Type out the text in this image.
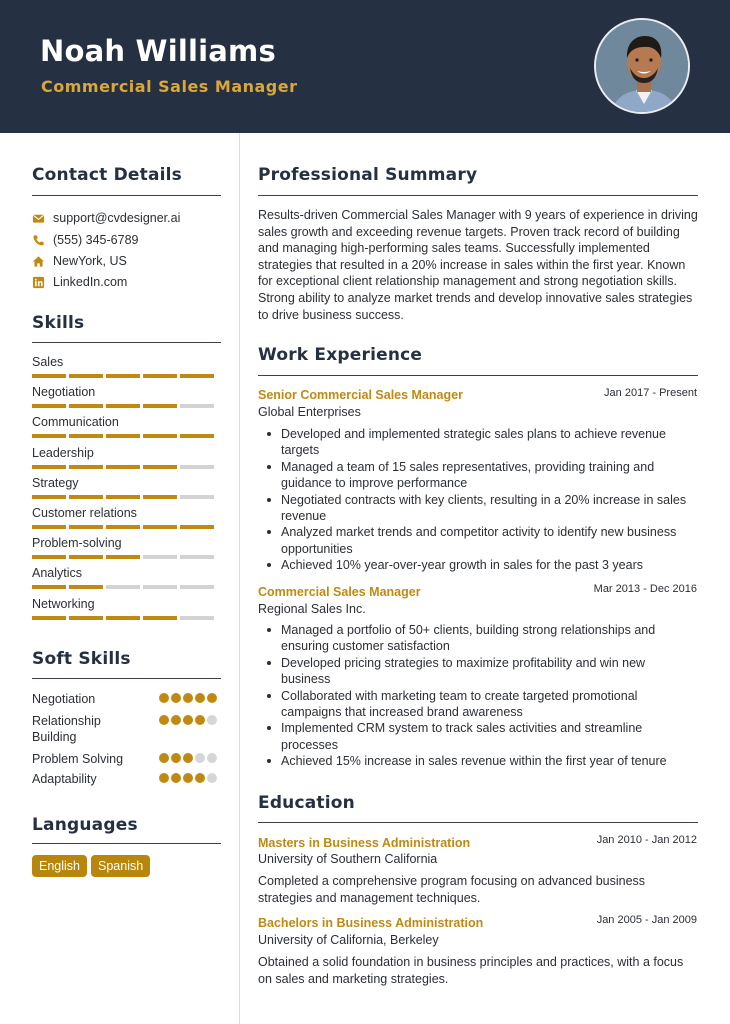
Noah Williams
Commercial Sales Manager
Contact Details
support@cvdesigner.ai
(555) 345-6789
NewYork, US
LinkedIn.com
Skills
Sales
Negotiation
Communication
Leadership
Strategy
Customer relations
Problem-solving
Analytics
Networking
Soft Skills
Negotiation
Relationship Building
Problem Solving
Adaptability
Languages
English	Spanish
Professional Summary
Results-driven Commercial Sales Manager with 9 years of experience in driving sales growth and exceeding revenue targets. Proven track record of building and managing high-performing sales teams. Successfully implemented strategies that resulted in a 20% increase in sales within the first year. Known for exceptional client relationship management and strong negotiation skills. Strong ability to analyze market trends and develop innovative sales strategies to drive business success.
Work Experience
Senior Commercial Sales Manager	Jan 2017 - Present
Global Enterprises
Developed and implemented strategic sales plans to achieve revenue targets
Managed a team of 15 sales representatives, providing training and guidance to improve performance
Negotiated contracts with key clients, resulting in a 20% increase in sales revenue
Analyzed market trends and competitor activity to identify new business opportunities
Achieved 10% year-over-year growth in sales for the past 3 years
Commercial Sales Manager	Mar 2013 - Dec 2016
Regional Sales Inc.
Managed a portfolio of 50+ clients, building strong relationships and ensuring customer satisfaction
Developed pricing strategies to maximize profitability and win new business
Collaborated with marketing team to create targeted promotional campaigns that increased brand awareness
Implemented CRM system to track sales activities and streamline processes
Achieved 15% increase in sales revenue within the first year of tenure
Education
Masters in Business Administration	Jan 2010 - Jan 2012
University of Southern California
Completed a comprehensive program focusing on advanced business strategies and management techniques.
Bachelors in Business Administration	Jan 2005 - Jan 2009
University of California, Berkeley
Obtained a solid foundation in business principles and practices, with a focus on sales and marketing strategies.
